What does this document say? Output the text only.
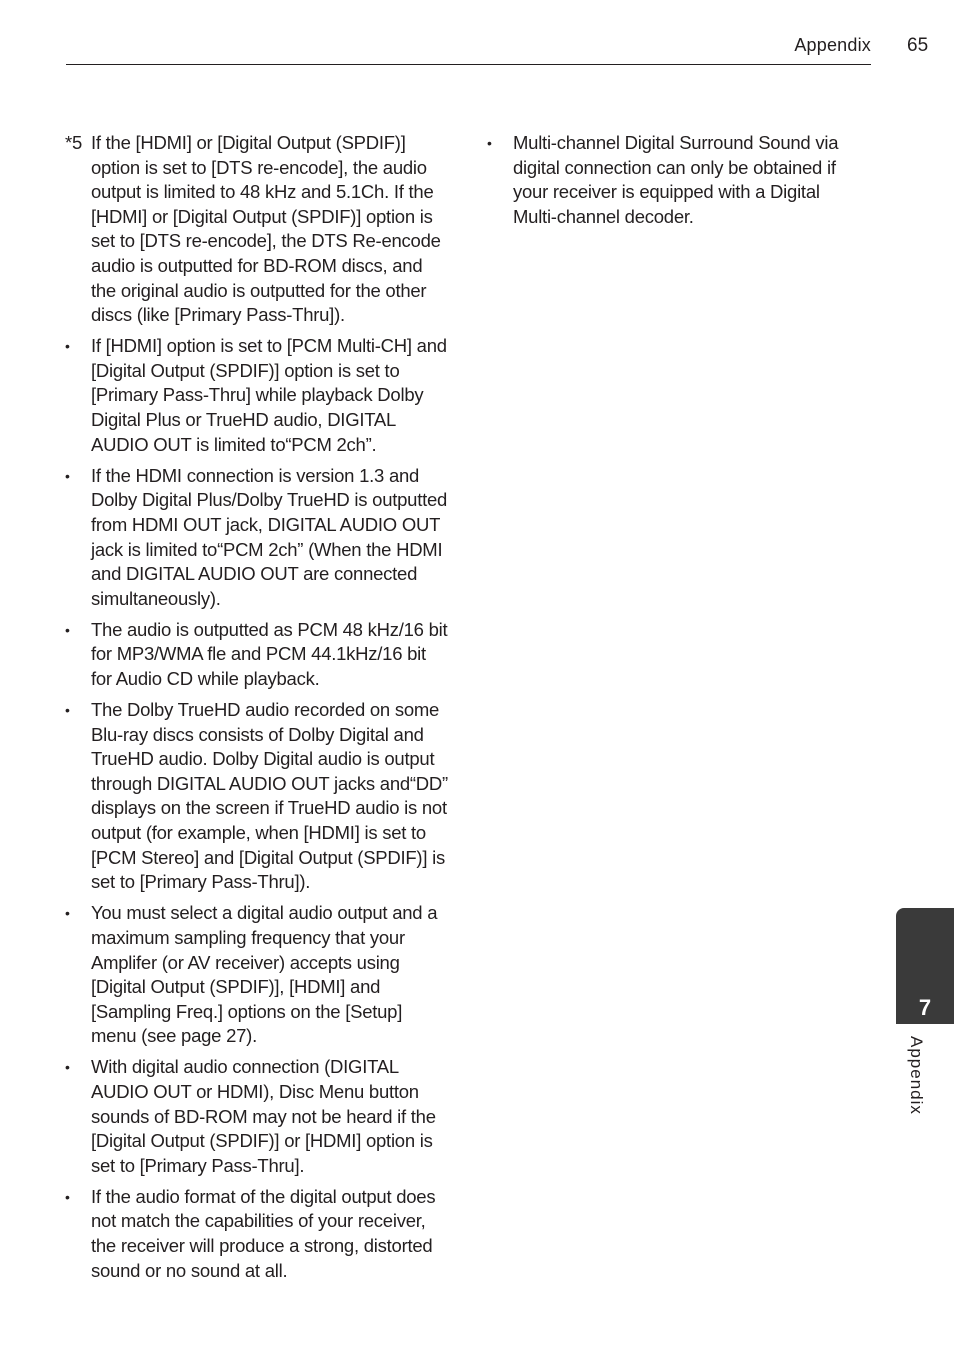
Appendix 65
*5 If the [HDMI] or [Digital Output (SPDIF)] option is set to [DTS re-encode], the audio output is limited to 48 kHz and 5.1Ch. If the [HDMI] or [Digital Output (SPDIF)] option is set to [DTS re-encode], the DTS Re-encode audio is outputted for BD-ROM discs, and the original audio is outputted for the other discs (like [Primary Pass-Thru]).
• If [HDMI] option is set to [PCM Multi-CH] and [Digital Output (SPDIF)] option is set to [Primary Pass-Thru] while playback Dolby Digital Plus or TrueHD audio, DIGITAL AUDIO OUT is limited to“PCM 2ch”.
• If the HDMI connection is version 1.3 and Dolby Digital Plus/Dolby TrueHD is outputted from HDMI OUT jack, DIGITAL AUDIO OUT jack is limited to“PCM 2ch” (When the HDMI and DIGITAL AUDIO OUT are connected simultaneously).
• The audio is outputted as PCM 48 kHz/16 bit for MP3/WMA fle and PCM 44.1kHz/16 bit for Audio CD while playback.
• The Dolby TrueHD audio recorded on some Blu-ray discs consists of Dolby Digital and TrueHD audio. Dolby Digital audio is output through DIGITAL AUDIO OUT jacks and“DD” displays on the screen if TrueHD audio is not output (for example, when [HDMI] is set to [PCM Stereo] and [Digital Output (SPDIF)] is set to [Primary Pass-Thru]).
• You must select a digital audio output and a maximum sampling frequency that your Amplifer (or AV receiver) accepts using [Digital Output (SPDIF)], [HDMI] and [Sampling Freq.] options on the [Setup] menu (see page 27).
• With digital audio connection (DIGITAL AUDIO OUT or HDMI), Disc Menu button sounds of BD-ROM may not be heard if the [Digital Output (SPDIF)] or [HDMI] option is set to [Primary Pass-Thru].
• If the audio format of the digital output does not match the capabilities of your receiver, the receiver will produce a strong, distorted sound or no sound at all.
• Multi-channel Digital Surround Sound via digital connection can only be obtained if your receiver is equipped with a Digital Multi-channel decoder.
7
Appendix
